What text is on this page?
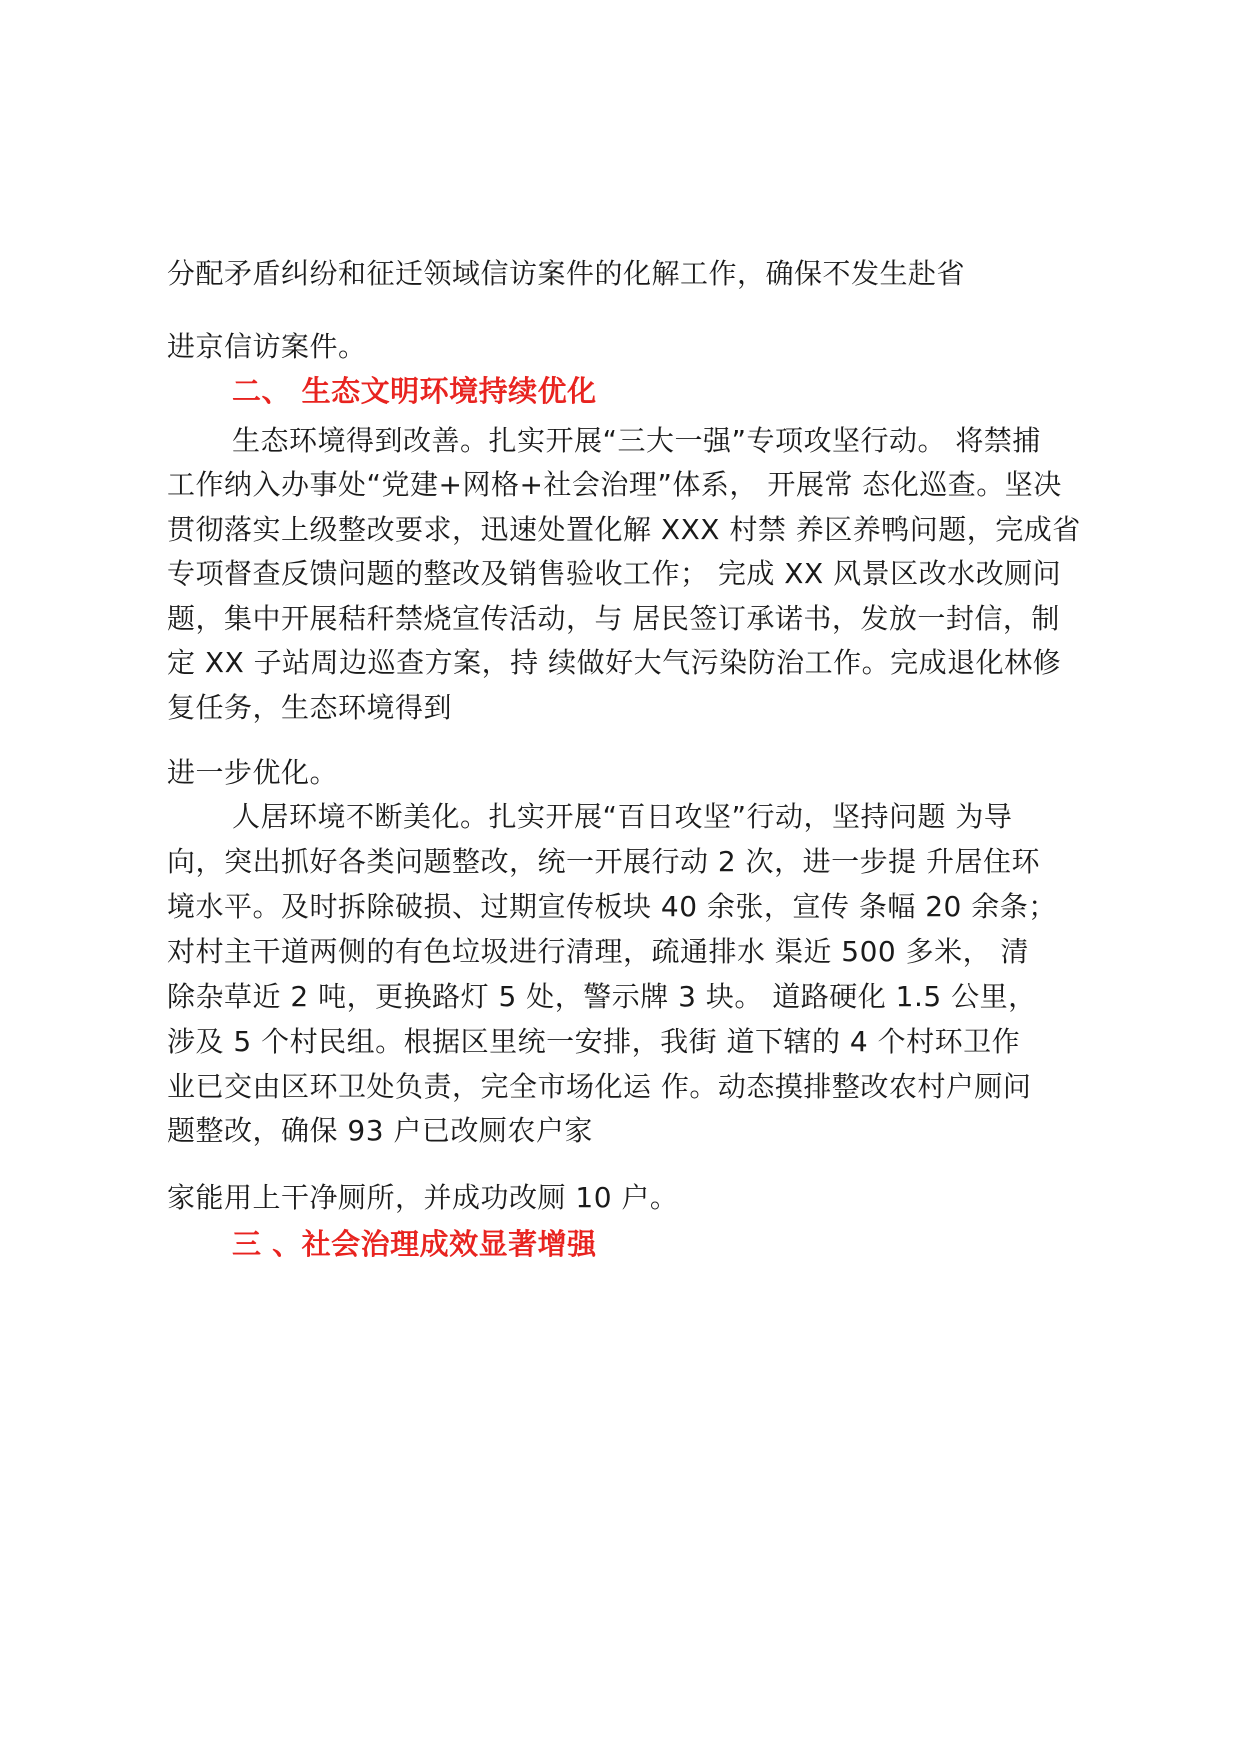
分配矛盾纠纷和征迁领域信访案件的化解工作，确保不发生赴省
进京信访案件。
二、 生态文明环境持续优化
生态环境得到改善。扎实开展“三大一强”专项攻坚行动。 将禁捕
工作纳入办事处“党建+网格+社会治理”体系， 开展常 态化巡查。坚决
贯彻落实上级整改要求，迅速处置化解 XXX 村禁 养区养鸭问题，完成省
专项督查反馈问题的整改及销售验收工作； 完成 XX 风景区改水改厕问
题，集中开展秸秆禁烧宣传活动，与 居民签订承诺书，发放一封信，制
定 XX 子站周边巡查方案，持 续做好大气污染防治工作。完成退化林修
复任务，生态环境得到
进一步优化。
人居环境不断美化。扎实开展“百日攻坚”行动，坚持问题 为导
向，突出抓好各类问题整改，统一开展行动 2 次，进一步提 升居住环
境水平。及时拆除破损、过期宣传板块 40 余张，宣传 条幅 20 余条；
对村主干道两侧的有色垃圾进行清理，疏通排水 渠近 500 多米， 清
除杂草近 2 吨，更换路灯 5 处，警示牌 3 块。 道路硬化 1.5 公里，
涉及 5 个村民组。根据区里统一安排，我街 道下辖的 4 个村环卫作
业已交由区环卫处负责，完全市场化运 作。动态摸排整改农村户厕问
题整改，确保 93 户已改厕农户家
家能用上干净厕所，并成功改厕 10 户。
三 、社会治理成效显著增强
